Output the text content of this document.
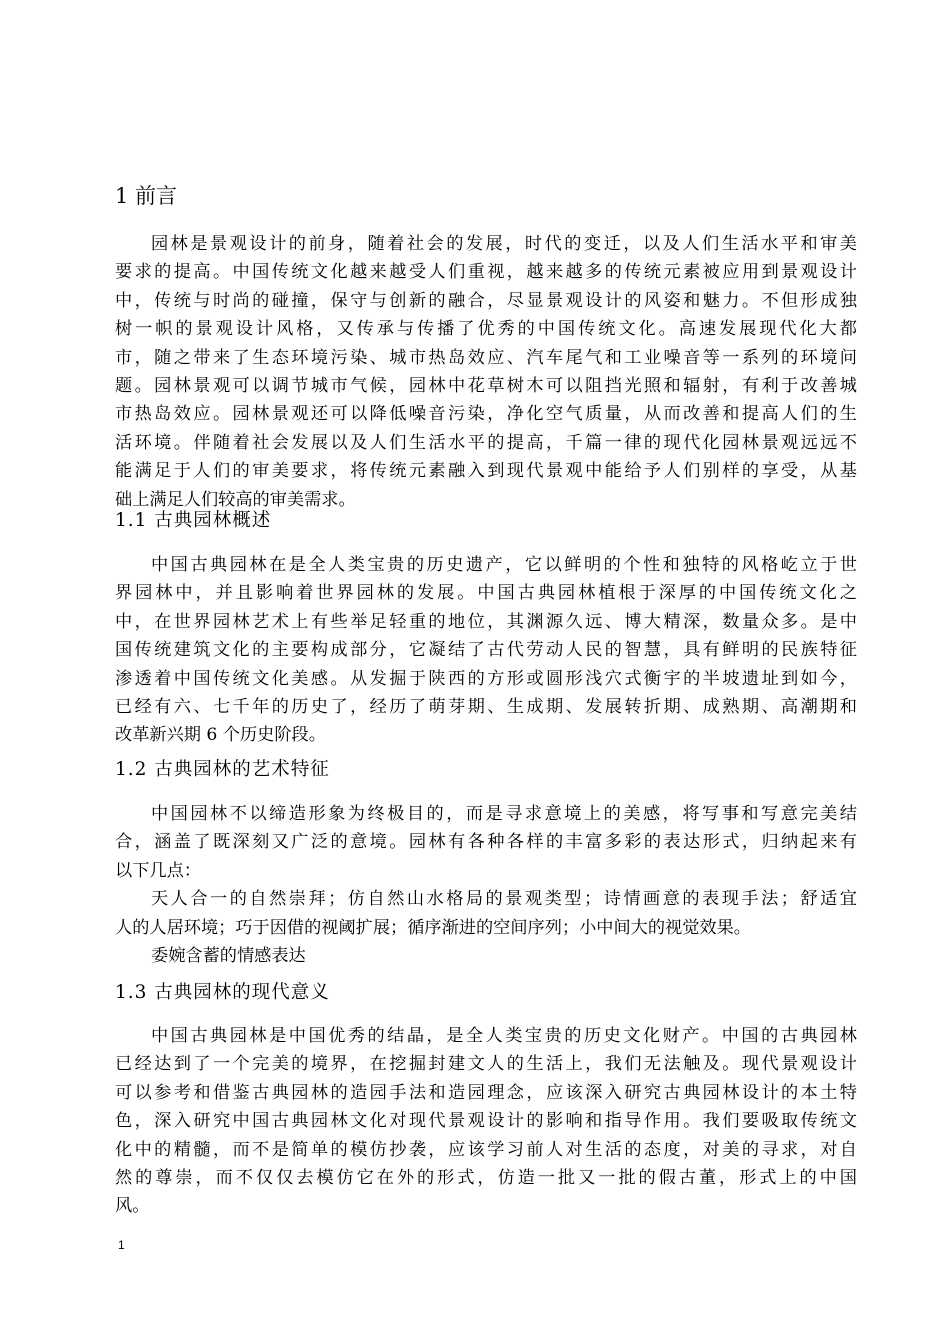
1 前言
园林是景观设计的前身，随着社会的发展，时代的变迁，以及人们生活水平和审美
要求的提高。中国传统文化越来越受人们重视，越来越多的传统元素被应用到景观设计
中，传统与时尚的碰撞，保守与创新的融合，尽显景观设计的风姿和魅力。不但形成独
树一帜的景观设计风格，又传承与传播了优秀的中国传统文化。高速发展现代化大都
市，随之带来了生态环境污染、城市热岛效应、汽车尾气和工业噪音等一系列的环境问
题。园林景观可以调节城市气候，园林中花草树木可以阻挡光照和辐射，有利于改善城
市热岛效应。园林景观还可以降低噪音污染，净化空气质量，从而改善和提高人们的生
活环境。伴随着社会发展以及人们生活水平的提高，千篇一律的现代化园林景观远远不
能满足于人们的审美要求，将传统元素融入到现代景观中能给予人们别样的享受，从基
础上满足人们较高的审美需求。
1.1 古典园林概述
中国古典园林在是全人类宝贵的历史遗产，它以鲜明的个性和独特的风格屹立于世
界园林中，并且影响着世界园林的发展。中国古典园林植根于深厚的中国传统文化之
中，在世界园林艺术上有些举足轻重的地位，其渊源久远、博大精深，数量众多。是中
国传统建筑文化的主要构成部分，它凝结了古代劳动人民的智慧，具有鲜明的民族特征
渗透着中国传统文化美感。从发掘于陕西的方形或圆形浅穴式衡宇的半坡遗址到如今，
已经有六、七千年的历史了，经历了萌芽期、生成期、发展转折期、成熟期、高潮期和
改革新兴期 6 个历史阶段。
1.2 古典园林的艺术特征
中国园林不以缔造形象为终极目的，而是寻求意境上的美感，将写事和写意完美结
合，涵盖了既深刻又广泛的意境。园林有各种各样的丰富多彩的表达形式，归纳起来有
以下几点：
天人合一的自然崇拜；仿自然山水格局的景观类型；诗情画意的表现手法；舒适宜
人的人居环境；巧于因借的视阈扩展；循序渐进的空间序列；小中间大的视觉效果。
委婉含蓄的情感表达
1.3 古典园林的现代意义
中国古典园林是中国优秀的结晶，是全人类宝贵的历史文化财产。中国的古典园林
已经达到了一个完美的境界，在挖掘封建文人的生活上，我们无法触及。现代景观设计
可以参考和借鉴古典园林的造园手法和造园理念，应该深入研究古典园林设计的本土特
色，深入研究中国古典园林文化对现代景观设计的影响和指导作用。我们要吸取传统文
化中的精髓，而不是简单的模仿抄袭，应该学习前人对生活的态度，对美的寻求，对自
然的尊崇，而不仅仅去模仿它在外的形式，仿造一批又一批的假古董，形式上的中国
风。
1
